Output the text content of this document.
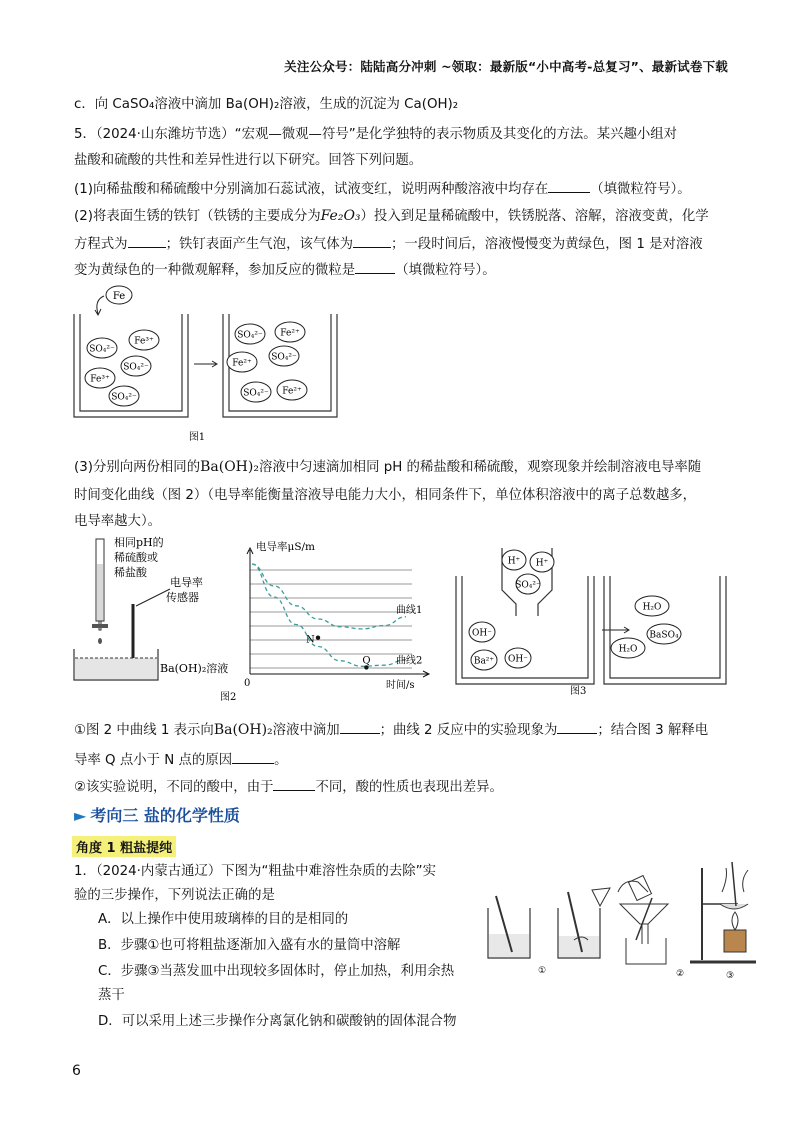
关注公众号：陆陆高分冲刺 ~领取：最新版“小中高考-总复习”、最新试卷下载
c．向 CaSO₄溶液中滴加 Ba(OH)₂溶液，生成的沉淀为 Ca(OH)₂
5．（2024·山东潍坊节选）“宏观—微观—符号”是化学独特的表示物质及其变化的方法。某兴趣小组对
盐酸和硫酸的共性和差异性进行以下研究。回答下列问题。
(1)向稀盐酸和稀硫酸中分别滴加石蕊试液，试液变红，说明两种酸溶液中均存在	（填微粒符号）。
(2)将表面生锈的铁钉（铁锈的主要成分为Fe₂O₃）投入到足量稀硫酸中，铁锈脱落、溶解，溶液变黄，化学
方程式为	；铁钉表面产生气泡，该气体为	；一段时间后，溶液慢慢变为黄绿色，图 1 是对溶液
变为黄绿色的一种微观解释，参加反应的微粒是	（填微粒符号）。
Fe
SO₄²⁻
Fe³⁺
SO₄²⁻
Fe³⁺
SO₄²⁻
SO₄²⁻ Fe²⁺
Fe²⁺
SO₄²⁻
SO₄²⁻ Fe²⁺
图1
(3)分别向两份相同的Ba(OH)₂溶液中匀速滴加相同 pH 的稀盐酸和稀硫酸，观察现象并绘制溶液电导率随
时间变化曲线（图 2）（电导率能衡量溶液导电能力大小，相同条件下，单位体积溶液中的离子总数越多，
电导率越大）。
相同pH的
稀硫酸或
稀盐酸
电导率
传感器
Ba(OH)₂溶液
图2
电导率μS/m
时间/s
0
曲线1
曲线2
N
Q
H⁺ H⁺
SO₄²⁻
OH⁻
Ba²⁺ OH⁻
H₂O
BaSO₄
H₂O
图3
①图 2 中曲线 1 表示向Ba(OH)₂溶液中滴加	；曲线 2 反应中的实验现象为	；结合图 3 解释电
导率 Q 点小于 N 点的原因	。
②该实验说明，不同的酸中，由于	不同，酸的性质也表现出差异。
► 考向三 盐的化学性质
角度 1 粗盐提纯
1．（2024·内蒙古通辽）下图为“粗盐中难溶性杂质的去除”实
验的三步操作，下列说法正确的是
A．以上操作中使用玻璃棒的目的是相同的
B．步骤①也可将粗盐逐渐加入盛有水的量筒中溶解
C．步骤③当蒸发皿中出现较多固体时，停止加热，利用余热
蒸干
D．可以采用上述三步操作分离氯化钠和碳酸钠的固体混合物
①	②	③
6
